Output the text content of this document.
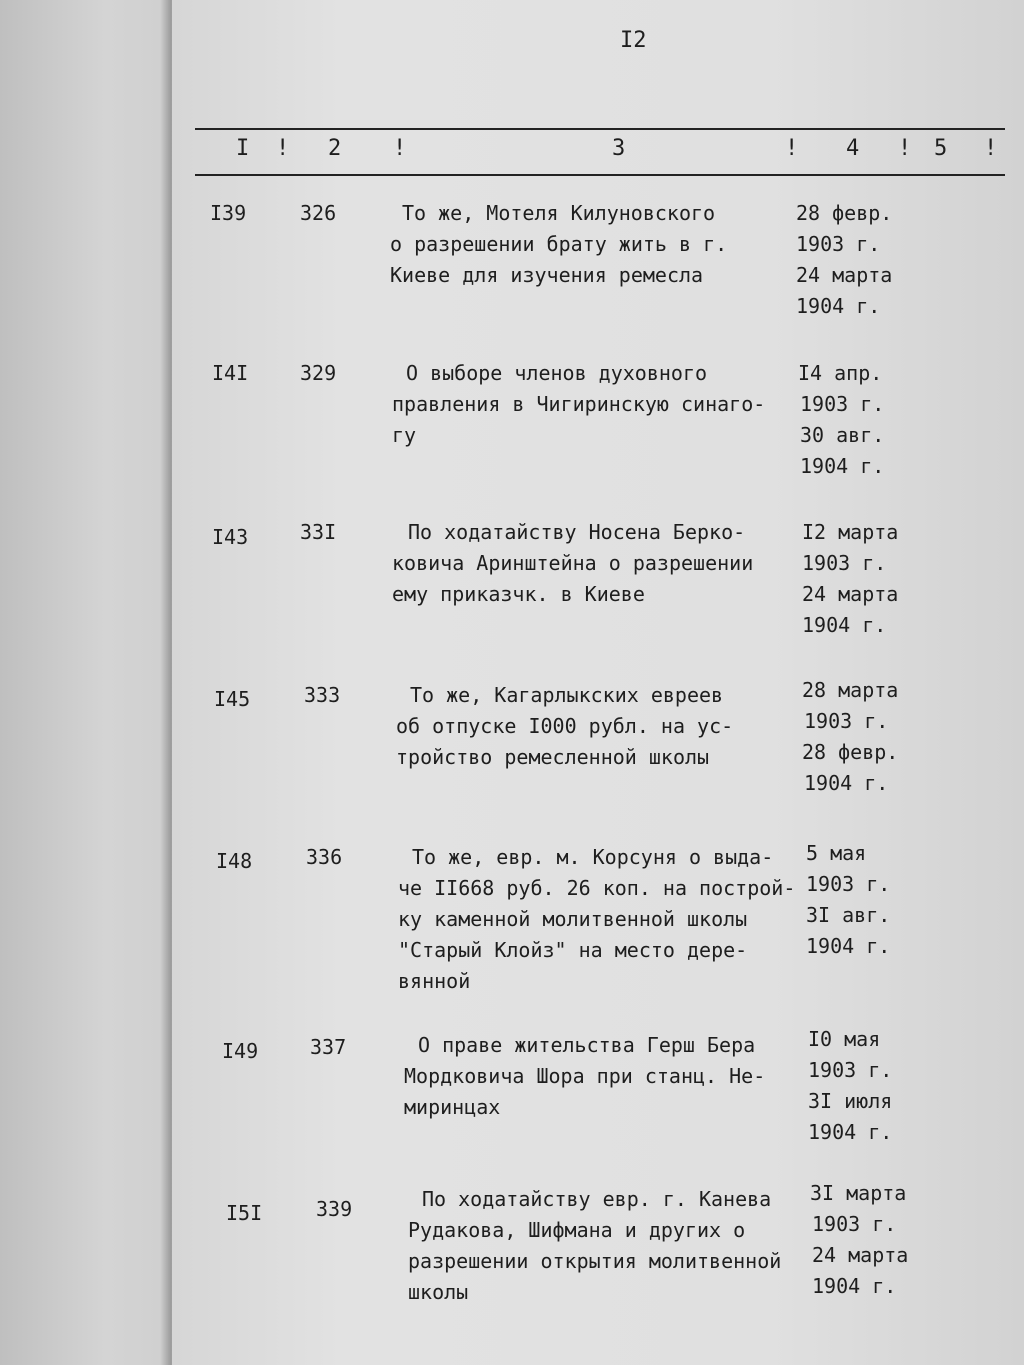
I2
I ! 2 !	3	! 4 ! 5 !
I39	326	То же, Мотеля Килуновского
о разрешении брату жить в г.
Киеве для изучения ремесла
28 февр.
1903 г.
24 марта
1904 г.
I4I	329	О выборе членов духовного
правления в Чигиринскую синаго-
гу
I4 апр.
1903 г.
30 авг.
1904 г.
I43	33I	По ходатайству Носена Берко-
ковича Аринштейна о разрешении
ему приказчк. в Киеве
I2 марта
1903 г.
24 марта
1904 г.
I45	333	То же, Кагарлыкских евреев
об отпуске I000 рубл. на ус-
тройство ремесленной школы
28 марта
1903 г.
28 февр.
1904 г.
I48	336	То же, евр. м. Корсуня о выда-
че II668 руб. 26 коп. на построй-
ку каменной молитвенной школы
"Старый Клойз" на место дере-
вянной
5 мая
1903 г.
3I авг.
1904 г.
I49	337	О праве жительства Герш Бера
Мордковича Шора при станц. Не-
миринцах
I0 мая
1903 г.
3I июля
1904 г.
I5I	339	По ходатайству евр. г. Канева
Рудакова, Шифмана и других о
разрешении открытия молитвенной
школы
3I марта
1903 г.
24 марта
1904 г.
